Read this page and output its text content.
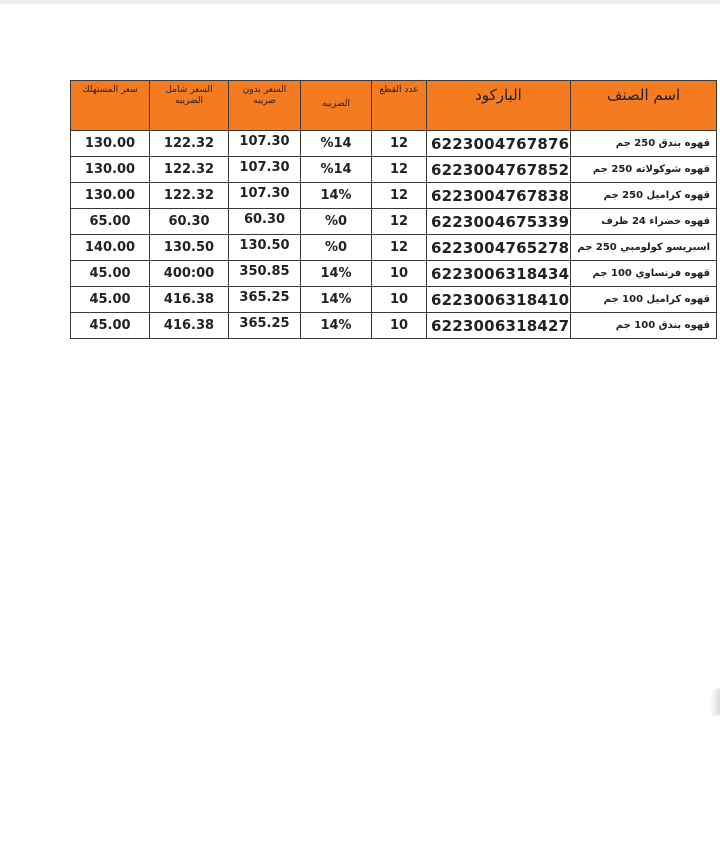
اسم الصنف	الباركود	عدد القطع	الضريبه	السعر بدون ضريبه	السعر شامل الضريبه	سعر المستهلك
قهوه بندق 250 جم	6223004767876	12	%14	107.30	122.32	130.00
قهوه شوكولاته 250 جم	6223004767852	12	%14	107.30	122.32	130.00
قهوه كراميل 250 جم	6223004767838	12	14%	107.30	122.32	130.00
قهوه خضراء 24 ظرف	6223004675339	12	%0	60.30	60.30	65.00
اسبريسو كولومبي 250 جم	6223004765278	12	%0	130.50	130.50	140.00
قهوه فرنساوي 100 جم	6223006318434	10	14%	350.85	400:00	45.00
قهوه كراميل 100 جم	6223006318410	10	14%	365.25	416.38	45.00
قهوه بندق 100 جم	6223006318427	10	14%	365.25	416.38	45.00
